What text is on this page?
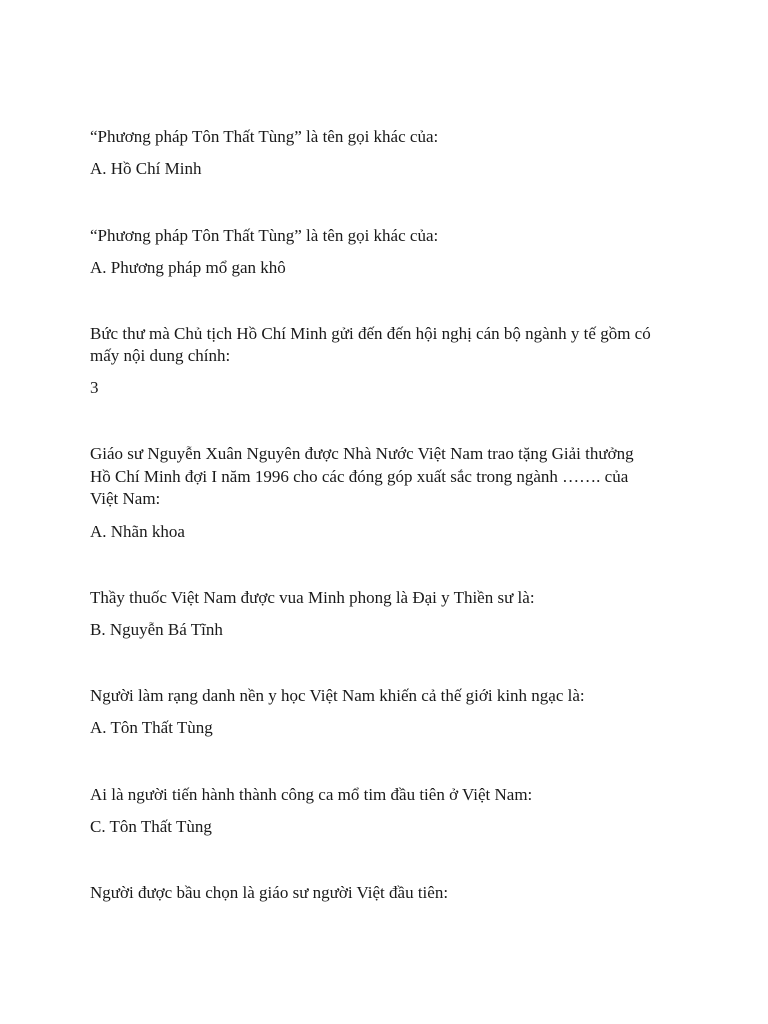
“Phương pháp Tôn Thất Tùng” là tên gọi khác của:

A. Hồ Chí Minh

“Phương pháp Tôn Thất Tùng” là tên gọi khác của:

A. Phương pháp mổ gan khô

Bức thư mà Chủ tịch Hồ Chí Minh gửi đến đến hội nghị cán bộ ngành y tế gồm có

mấy nội dung chính:

3

Giáo sư Nguyễn Xuân Nguyên được Nhà Nước Việt Nam trao tặng Giải thưởng

Hồ Chí Minh đợi I năm 1996 cho các đóng góp xuất sắc trong ngành ……. của

Việt Nam:

A. Nhãn khoa

Thầy thuốc Việt Nam được vua Minh phong là Đại y Thiền sư là:

B. Nguyễn Bá Tĩnh

Người làm rạng danh nền y học Việt Nam khiến cả thế giới kinh ngạc là:

A. Tôn Thất Tùng

Ai là người tiến hành thành công ca mổ tim đầu tiên ở Việt Nam:

C. Tôn Thất Tùng

Người được bầu chọn là giáo sư người Việt đầu tiên:
